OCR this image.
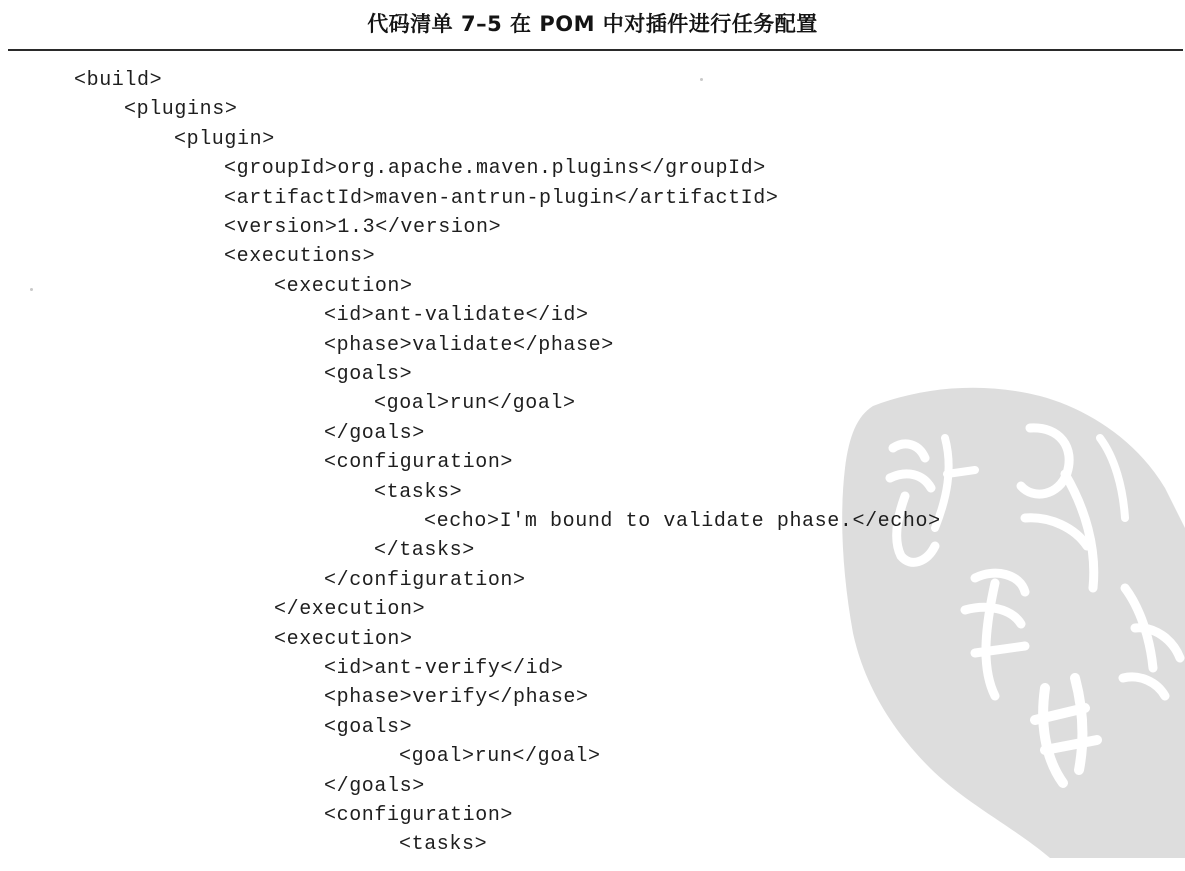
代码清单 7–5 在 POM 中对插件进行任务配置
<build>
<plugins>
<plugin>
<groupId>org.apache.maven.plugins</groupId>
<artifactId>maven-antrun-plugin</artifactId>
<version>1.3</version>
<executions>
<execution>
<id>ant-validate</id>
<phase>validate</phase>
<goals>
<goal>run</goal>
</goals>
<configuration>
<tasks>
<echo>I'm bound to validate phase.</echo>
</tasks>
</configuration>
</execution>
<execution>
<id>ant-verify</id>
<phase>verify</phase>
<goals>
<goal>run</goal>
</goals>
<configuration>
<tasks>
